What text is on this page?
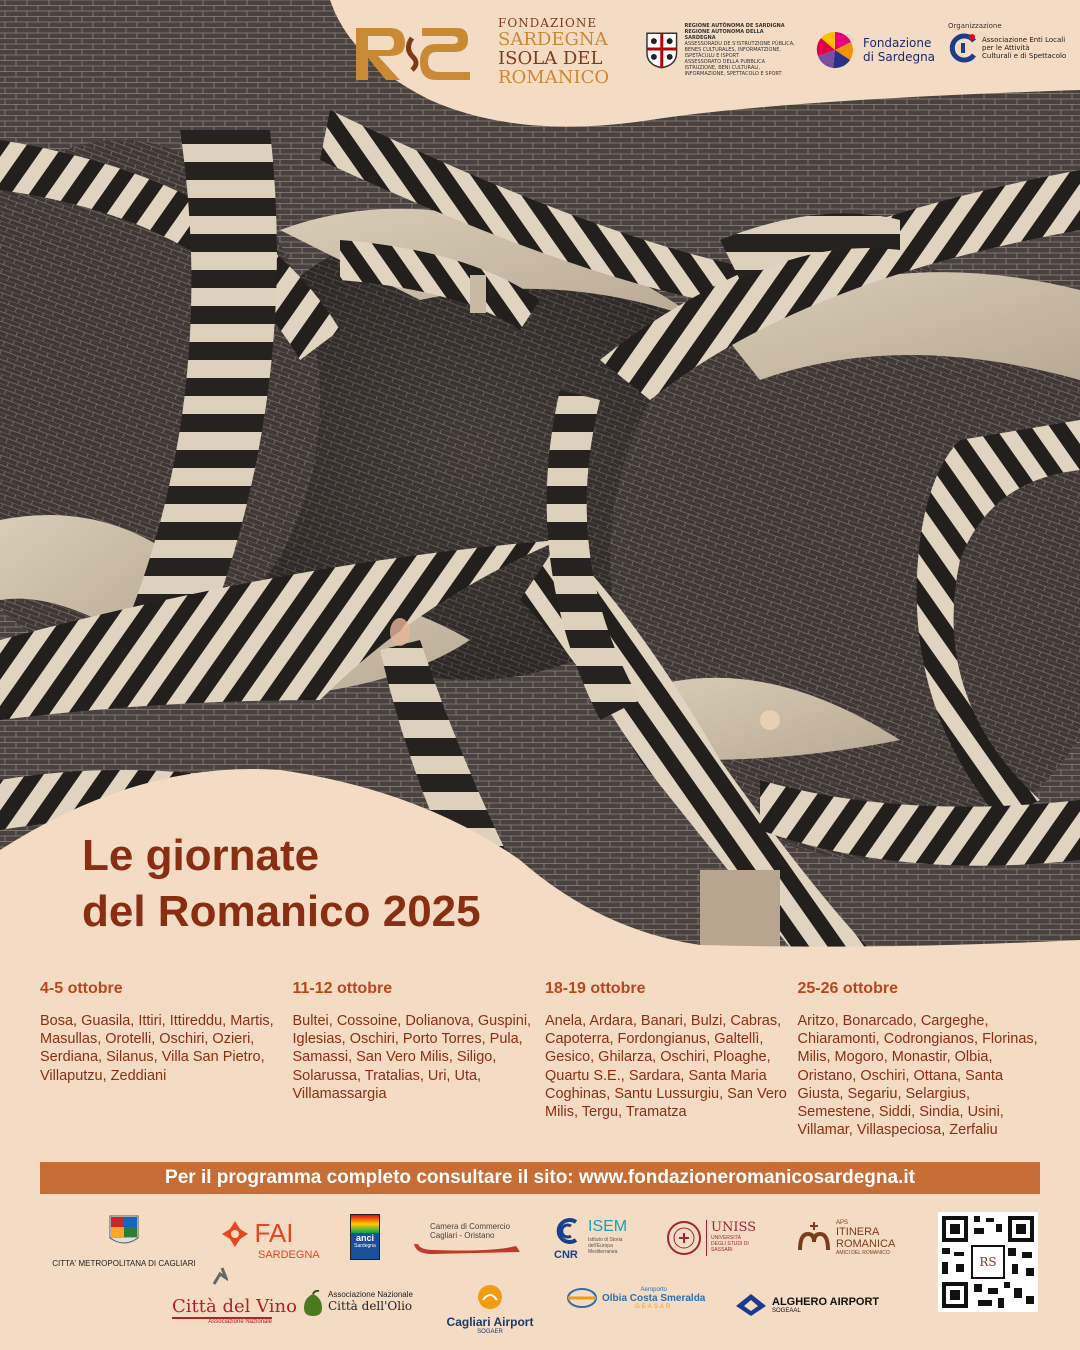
FONDAZIONE
SARDEGNA
ISOLA DEL
ROMANICO
REGIONE AUTÒNOMA DE SARDIGNA
REGIONE AUTONOMA DELLA SARDEGNA
ASSESSORADU DE S'ISTRUTZIONE PÙBLICA, BENES CULTURALES, INFORMATZIONE, ISPETÀCULU E ISPORT
ASSESSORATO DELLA PUBBLICA ISTRUZIONE, BENI CULTURALI, INFORMAZIONE, SPETTACOLO E SPORT
Fondazione
di Sardegna
Organizzazione
Associazione Enti Locali
per le Attività
Culturali e di Spettacolo
Le giornate
del Romanico 2025
4-5 ottobre

Bosa, Guasila, Ittiri, Ittireddu, Martis, Masullas, Orotelli, Oschiri, Ozieri, Serdiana, Silanus, Villa San Pietro, Villaputzu, Zeddiani

11-12 ottobre

Bultei, Cossoine, Dolianova, Guspini, Iglesias, Oschiri, Porto Torres, Pula, Samassi, San Vero Milis, Siligo, Solarussa, Tratalias, Uri, Uta, Villamassargia

18-19 ottobre

Anela, Ardara, Banari, Bulzi, Cabras, Capoterra, Fordongianus, Galtellì, Gesico, Ghilarza, Oschiri, Ploaghe, Quartu S.E., Sardara, Santa Maria Coghinas, Santu Lussurgiu, San Vero Milis, Tergu, Tramatza

25-26 ottobre

Aritzo, Bonarcado, Cargeghe, Chiaramonti, Codrongianos, Florinas, Milis, Mogoro, Monastir, Olbia, Oristano, Oschiri, Ottana, Santa Giusta, Segariu, Selargius, Semestene, Siddi, Sindia, Usini, Villamar, Villaspeciosa, Zerfaliu

Per il programma completo consultare il sito: www.fondazioneromanicosardegna.it
CITTA' METROPOLITANA DI CAGLIARI
FAI
SARDEGNA
anci
Sardegna
Camera di Commercio
Cagliari - Oristano
ISEM
Istituto di Storia dell'Europa Mediterranea
CNR
UNISS
UNIVERSITÀ DEGLI STUDI DI SASSARI
APS
ITINERA
ROMANICA
AMICI DEL ROMANICO
RS
Città del Vino
Associazione Nazionale
Associazione Nazionale
Città dell'Olio
Cagliari Airport
SOGAER
Aeroporto
Olbia Costa Smeralda
GEASAR	ALGHERO AIRPORT
SOGEAAL
